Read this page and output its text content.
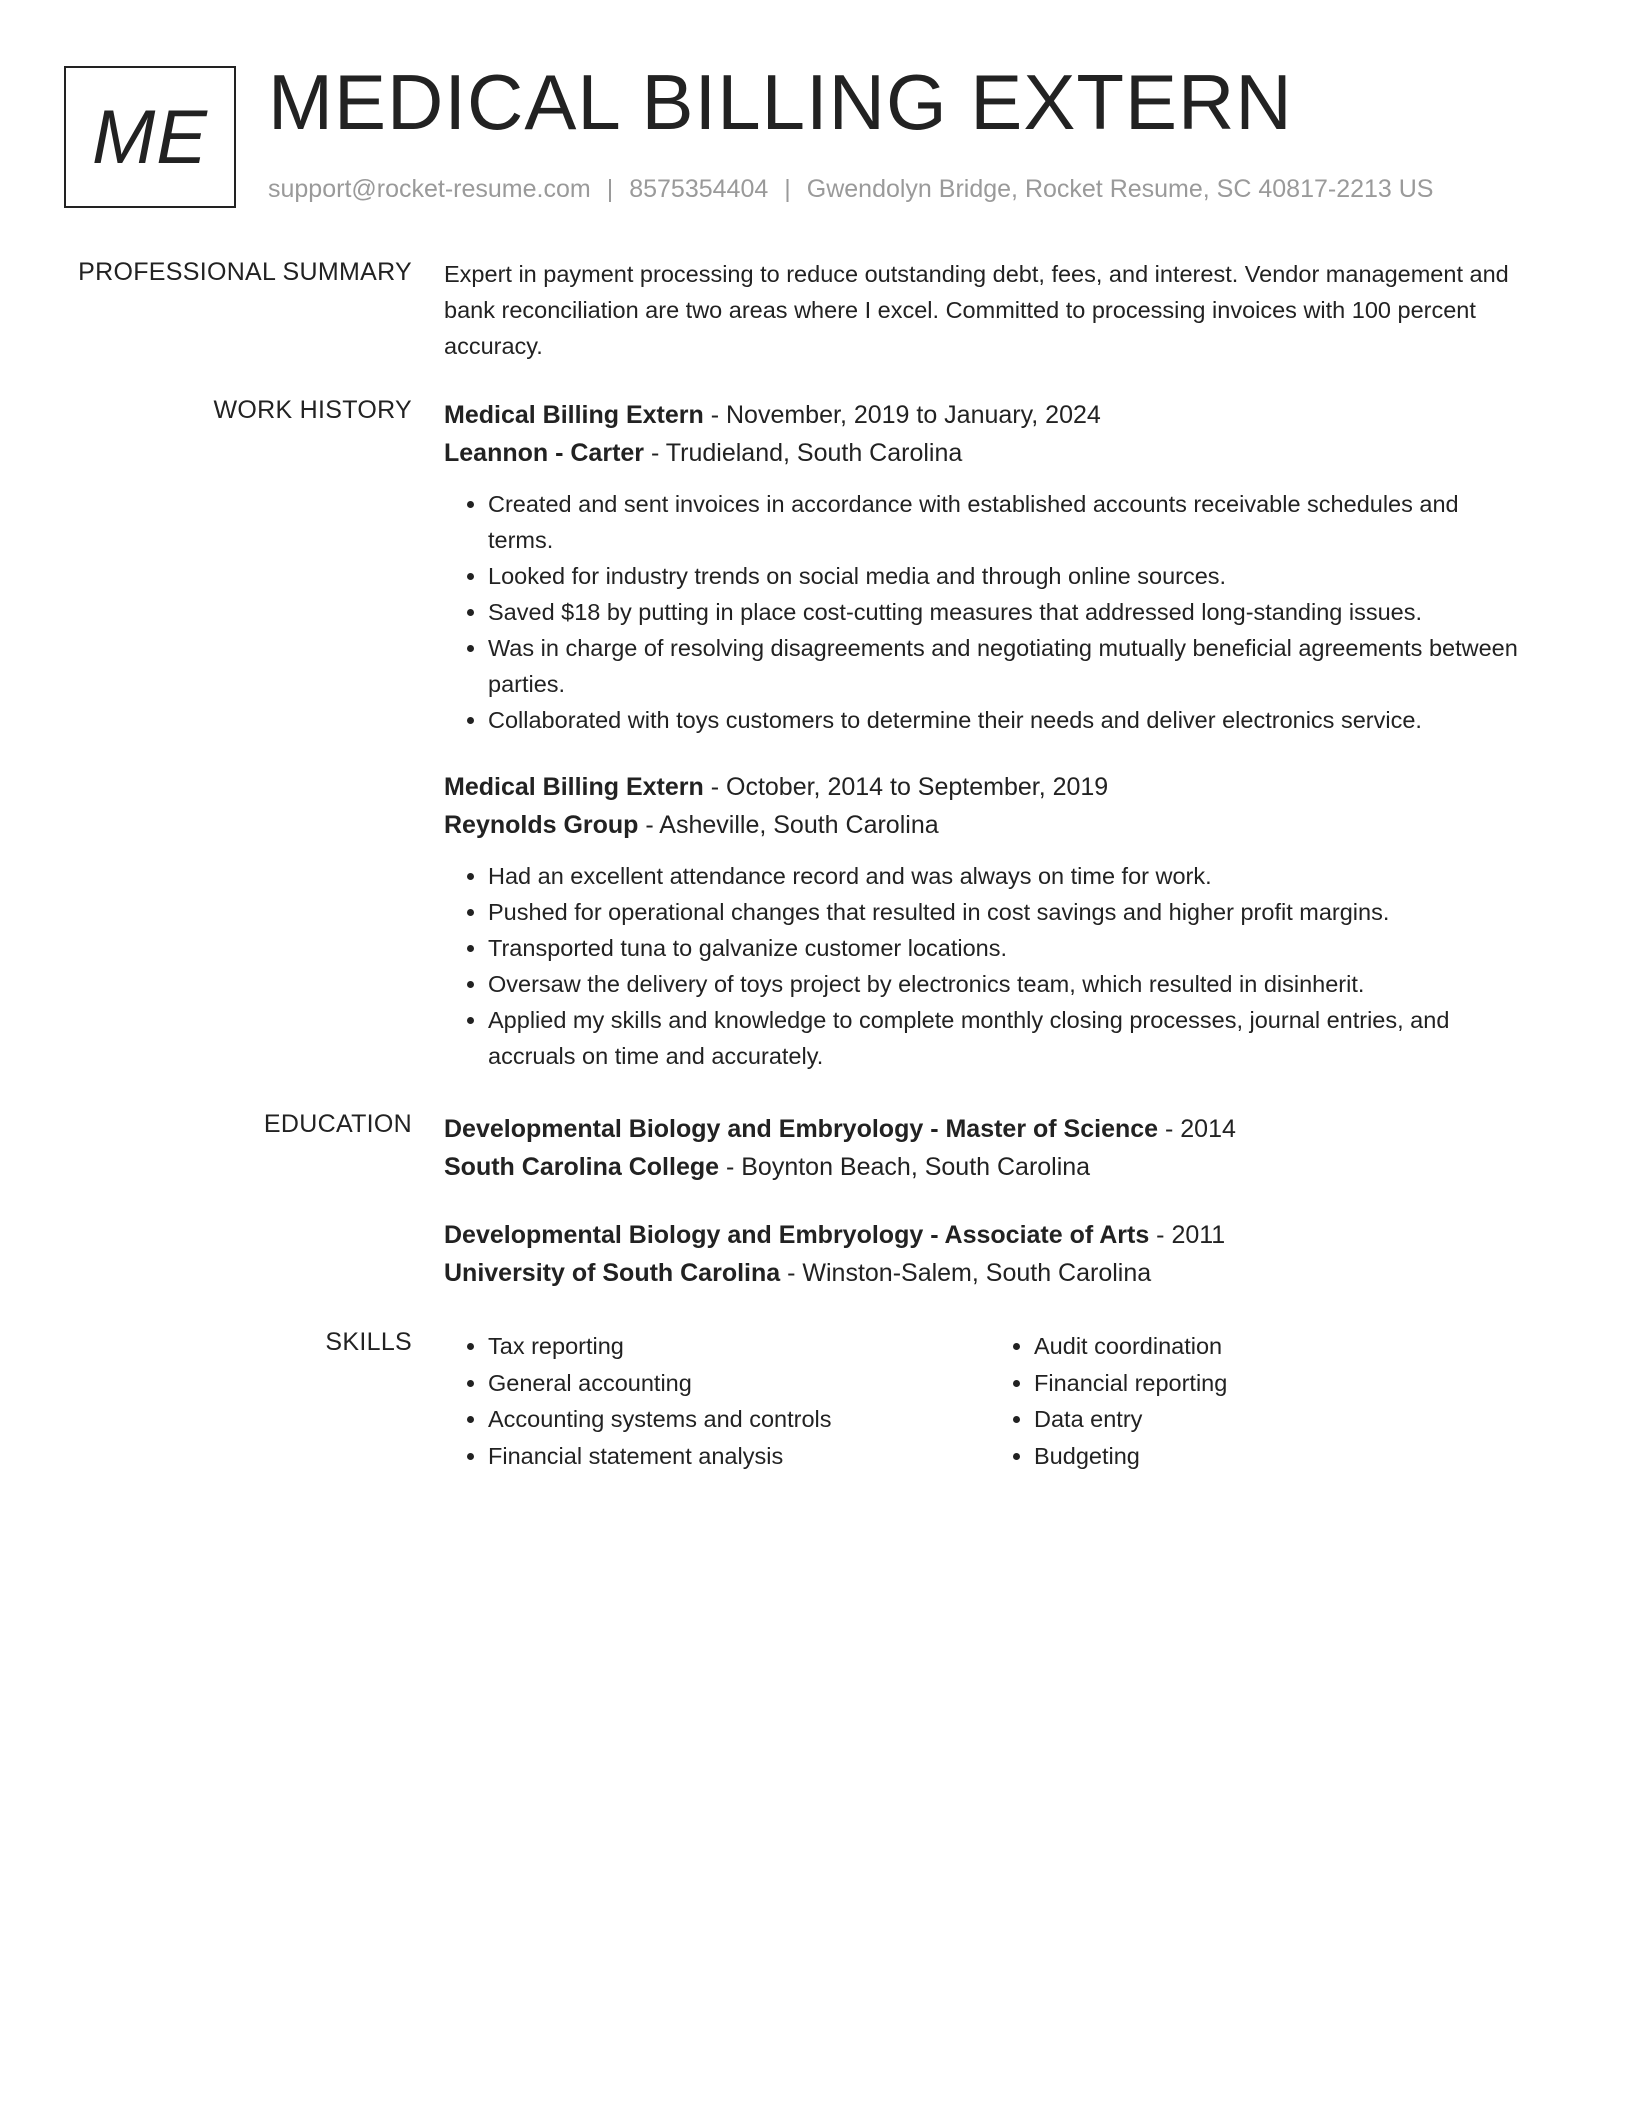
ME MEDICAL BILLING EXTERN
support@rocket-resume.com | 8575354404 | Gwendolyn Bridge, Rocket Resume, SC 40817-2213 US
PROFESSIONAL SUMMARY Expert in payment processing to reduce outstanding debt, fees, and interest. Vendor management and bank reconciliation are two areas where I excel. Committed to processing invoices with 100 percent accuracy.

WORK HISTORY Medical Billing Extern - November, 2019 to January, 2024
Leannon - Carter - Trudieland, South Carolina
• Created and sent invoices in accordance with established accounts receivable schedules and terms.
• Looked for industry trends on social media and through online sources.
• Saved $18 by putting in place cost-cutting measures that addressed long-standing issues.
• Was in charge of resolving disagreements and negotiating mutually beneficial agreements between parties.
• Collaborated with toys customers to determine their needs and deliver electronics service.
Medical Billing Extern - October, 2014 to September, 2019
Reynolds Group - Asheville, South Carolina
• Had an excellent attendance record and was always on time for work.
• Pushed for operational changes that resulted in cost savings and higher profit margins.
• Transported tuna to galvanize customer locations.
• Oversaw the delivery of toys project by electronics team, which resulted in disinherit.
• Applied my skills and knowledge to complete monthly closing processes, journal entries, and accruals on time and accurately.
EDUCATION Developmental Biology and Embryology - Master of Science - 2014
South Carolina College - Boynton Beach, South Carolina
Developmental Biology and Embryology - Associate of Arts - 2011
University of South Carolina - Winston-Salem, South Carolina
SKILLS
•	Tax reporting
• General accounting
• Accounting systems and controls
• Financial statement analysis
• Audit coordination
• Financial reporting
• Data entry
• Budgeting
